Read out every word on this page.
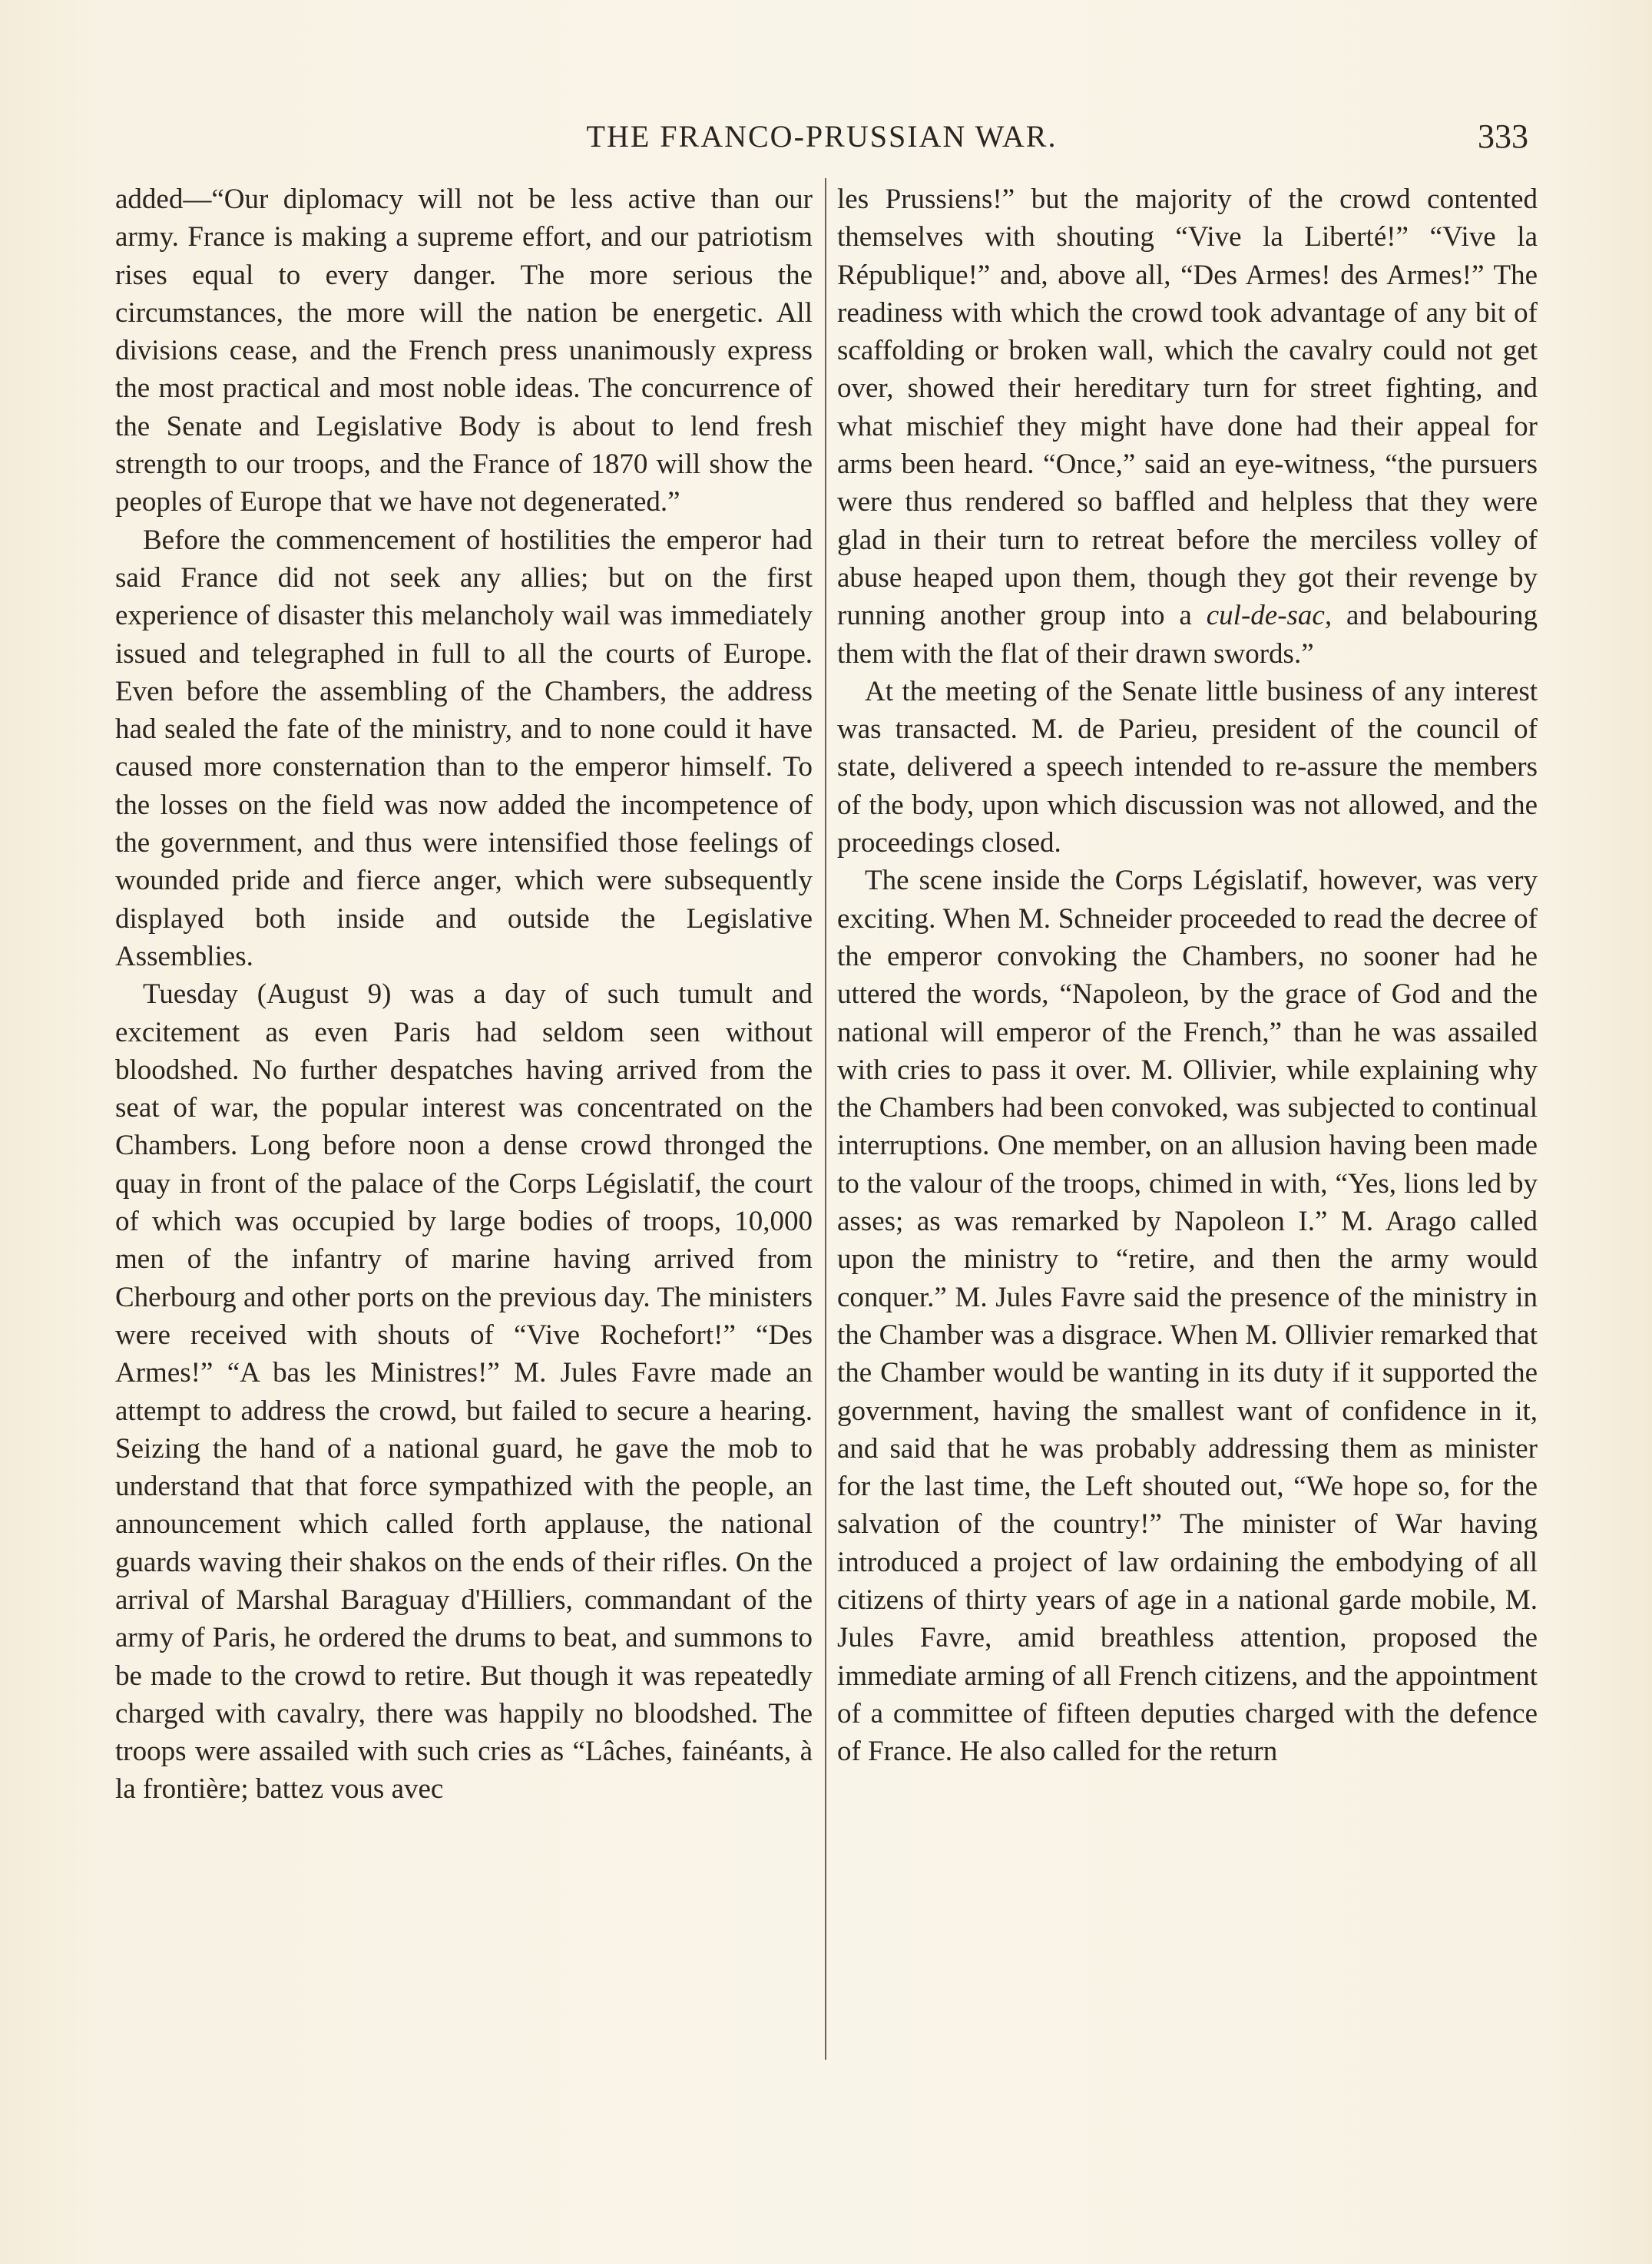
THE FRANCO-PRUSSIAN WAR.	333

added—“Our diplomacy will not be less active than our army. France is making a supreme effort, and our patriotism rises equal to every danger. The more serious the circumstances, the more will the nation be energetic. All divisions cease, and the French press unanimously express the most practical and most noble ideas. The concurrence of the Senate and Legislative Body is about to lend fresh strength to our troops, and the France of 1870 will show the peoples of Europe that we have not degenerated.”

Before the commencement of hostilities the emperor had said France did not seek any allies; but on the first experience of disaster this melancholy wail was immediately issued and telegraphed in full to all the courts of Europe. Even before the assembling of the Chambers, the address had sealed the fate of the ministry, and to none could it have caused more consternation than to the emperor himself. To the losses on the field was now added the incompetence of the government, and thus were intensified those feelings of wounded pride and fierce anger, which were subsequently displayed both inside and outside the Legislative Assemblies.

Tuesday (August 9) was a day of such tumult and excitement as even Paris had seldom seen without bloodshed. No further despatches having arrived from the seat of war, the popular interest was concentrated on the Chambers. Long before noon a dense crowd thronged the quay in front of the palace of the Corps Législatif, the court of which was occupied by large bodies of troops, 10,000 men of the infantry of marine having arrived from Cherbourg and other ports on the previous day. The ministers were received with shouts of “Vive Rochefort!” “Des Armes!” “A bas les Ministres!” M. Jules Favre made an attempt to address the crowd, but failed to secure a hearing. Seizing the hand of a national guard, he gave the mob to understand that that force sympathized with the people, an announcement which called forth applause, the national guards waving their shakos on the ends of their rifles. On the arrival of Marshal Baraguay d'Hilliers, commandant of the army of Paris, he ordered the drums to beat, and summons to be made to the crowd to retire. But though it was repeatedly charged with cavalry, there was happily no bloodshed. The troops were assailed with such cries as “Lâches, fainéants, à la frontière; battez vous avec

les Prussiens!” but the majority of the crowd contented themselves with shouting “Vive la Liberté!” “Vive la République!” and, above all, “Des Armes! des Armes!” The readiness with which the crowd took advantage of any bit of scaffolding or broken wall, which the cavalry could not get over, showed their hereditary turn for street fighting, and what mischief they might have done had their appeal for arms been heard. “Once,” said an eye-witness, “the pursuers were thus rendered so baffled and helpless that they were glad in their turn to retreat before the merciless volley of abuse heaped upon them, though they got their revenge by running another group into a cul-de-sac, and belabouring them with the flat of their drawn swords.”

At the meeting of the Senate little business of any interest was transacted. M. de Parieu, president of the council of state, delivered a speech intended to re-assure the members of the body, upon which discussion was not allowed, and the proceedings closed.

The scene inside the Corps Législatif, however, was very exciting. When M. Schneider proceeded to read the decree of the emperor convoking the Chambers, no sooner had he uttered the words, “Napoleon, by the grace of God and the national will emperor of the French,” than he was assailed with cries to pass it over. M. Ollivier, while explaining why the Chambers had been convoked, was subjected to continual interruptions. One member, on an allusion having been made to the valour of the troops, chimed in with, “Yes, lions led by asses; as was remarked by Napoleon I.” M. Arago called upon the ministry to “retire, and then the army would conquer.” M. Jules Favre said the presence of the ministry in the Chamber was a disgrace. When M. Ollivier remarked that the Chamber would be wanting in its duty if it supported the government, having the smallest want of confidence in it, and said that he was probably addressing them as minister for the last time, the Left shouted out, “We hope so, for the salvation of the country!” The minister of War having introduced a project of law ordaining the embodying of all citizens of thirty years of age in a national garde mobile, M. Jules Favre, amid breathless attention, proposed the immediate arming of all French citizens, and the appointment of a committee of fifteen deputies charged with the defence of France. He also called for the return
